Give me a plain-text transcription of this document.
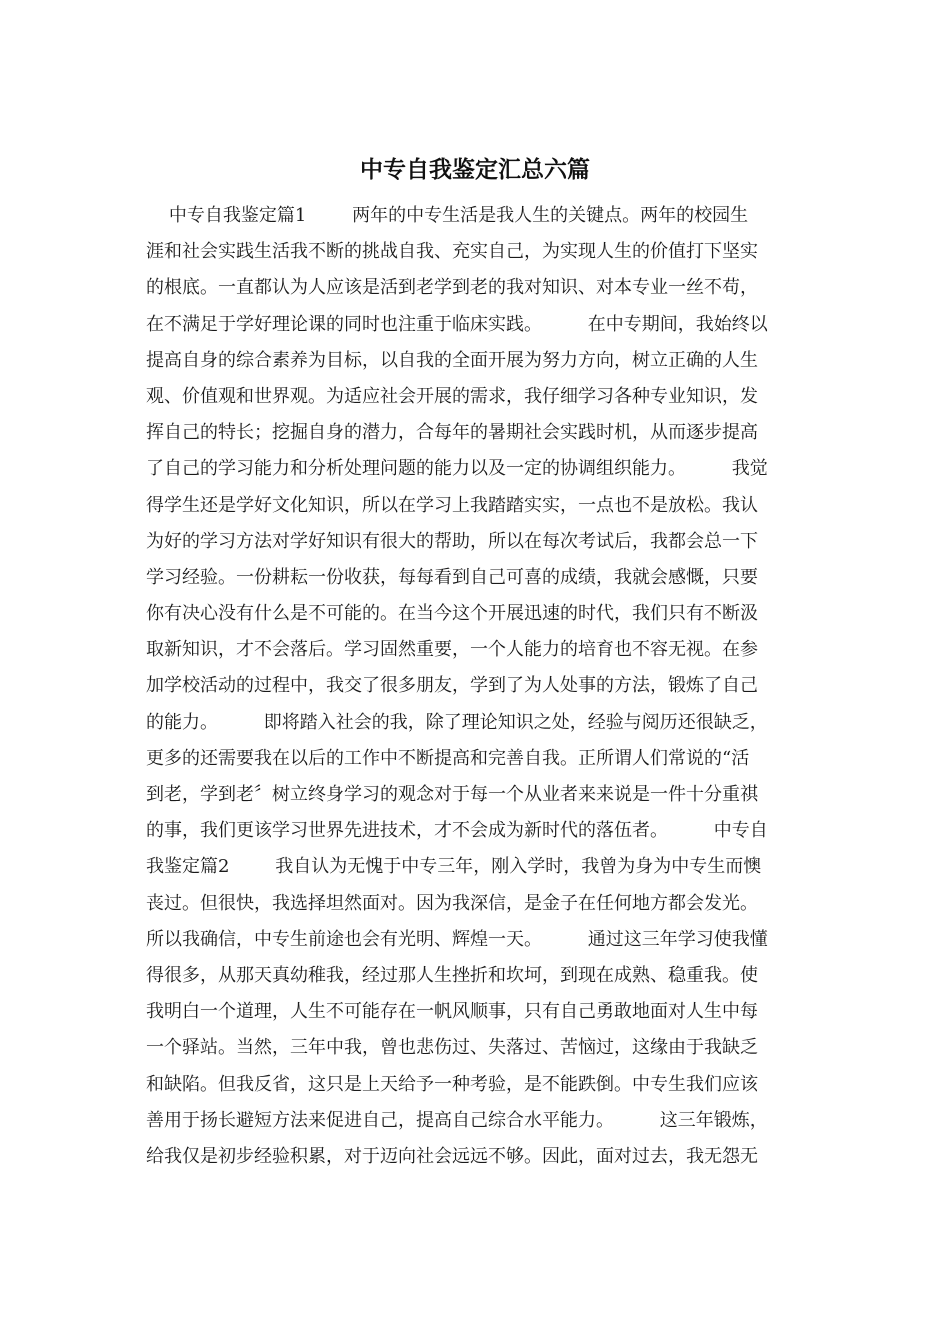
中专自我鉴定汇总六篇
中专自我鉴定篇1        两年的中专生活是我人生的关键点。两年的校园生
涯和社会实践生活我不断的挑战自我、充实自己，为实现人生的价值打下坚实
的根底。一直都认为人应该是活到老学到老的我对知识、对本专业一丝不苟，
在不满足于学好理论课的同时也注重于临床实践。        在中专期间，我始终以
提高自身的综合素养为目标，以自我的全面开展为努力方向，树立正确的人生
观、价值观和世界观。为适应社会开展的需求，我仔细学习各种专业知识，发
挥自己的特长；挖掘自身的潜力，合每年的暑期社会实践时机，从而逐步提高
了自己的学习能力和分析处理问题的能力以及一定的协调组织能力。        我觉
得学生还是学好文化知识，所以在学习上我踏踏实实，一点也不是放松。我认
为好的学习方法对学好知识有很大的帮助，所以在每次考试后，我都会总一下
学习经验。一份耕耘一份收获，每每看到自己可喜的成绩，我就会感慨，只要
你有决心没有什么是不可能的。在当今这个开展迅速的时代，我们只有不断汲
取新知识，才不会落后。学习固然重要，一个人能力的培育也不容无视。在参
加学校活动的过程中，我交了很多朋友，学到了为人处事的方法，锻炼了自己
的能力。        即将踏入社会的我，除了理论知识之处，经验与阅历还很缺乏，
更多的还需要我在以后的工作中不断提高和完善自我。正所谓人们常说的“活
到老，学到老〞树立终身学习的观念对于每一个从业者来来说是一件十分重祺
的事，我们更该学习世界先进技术，才不会成为新时代的落伍者。        中专自
我鉴定篇2        我自认为无愧于中专三年，刚入学时，我曾为身为中专生而懊
丧过。但很快，我选择坦然面对。因为我深信，是金子在任何地方都会发光。
所以我确信，中专生前途也会有光明、辉煌一天。        通过这三年学习使我懂
得很多，从那天真幼稚我，经过那人生挫折和坎坷，到现在成熟、稳重我。使
我明白一个道理，人生不可能存在一帆风顺事，只有自己勇敢地面对人生中每
一个驿站。当然，三年中我，曾也悲伤过、失落过、苦恼过，这缘由于我缺乏
和缺陷。但我反省，这只是上天给予一种考验，是不能跌倒。中专生我们应该
善用于扬长避短方法来促进自己，提高自己综合水平能力。        这三年锻炼，
给我仅是初步经验积累，对于迈向社会远远不够。因此，面对过去，我无怨无
